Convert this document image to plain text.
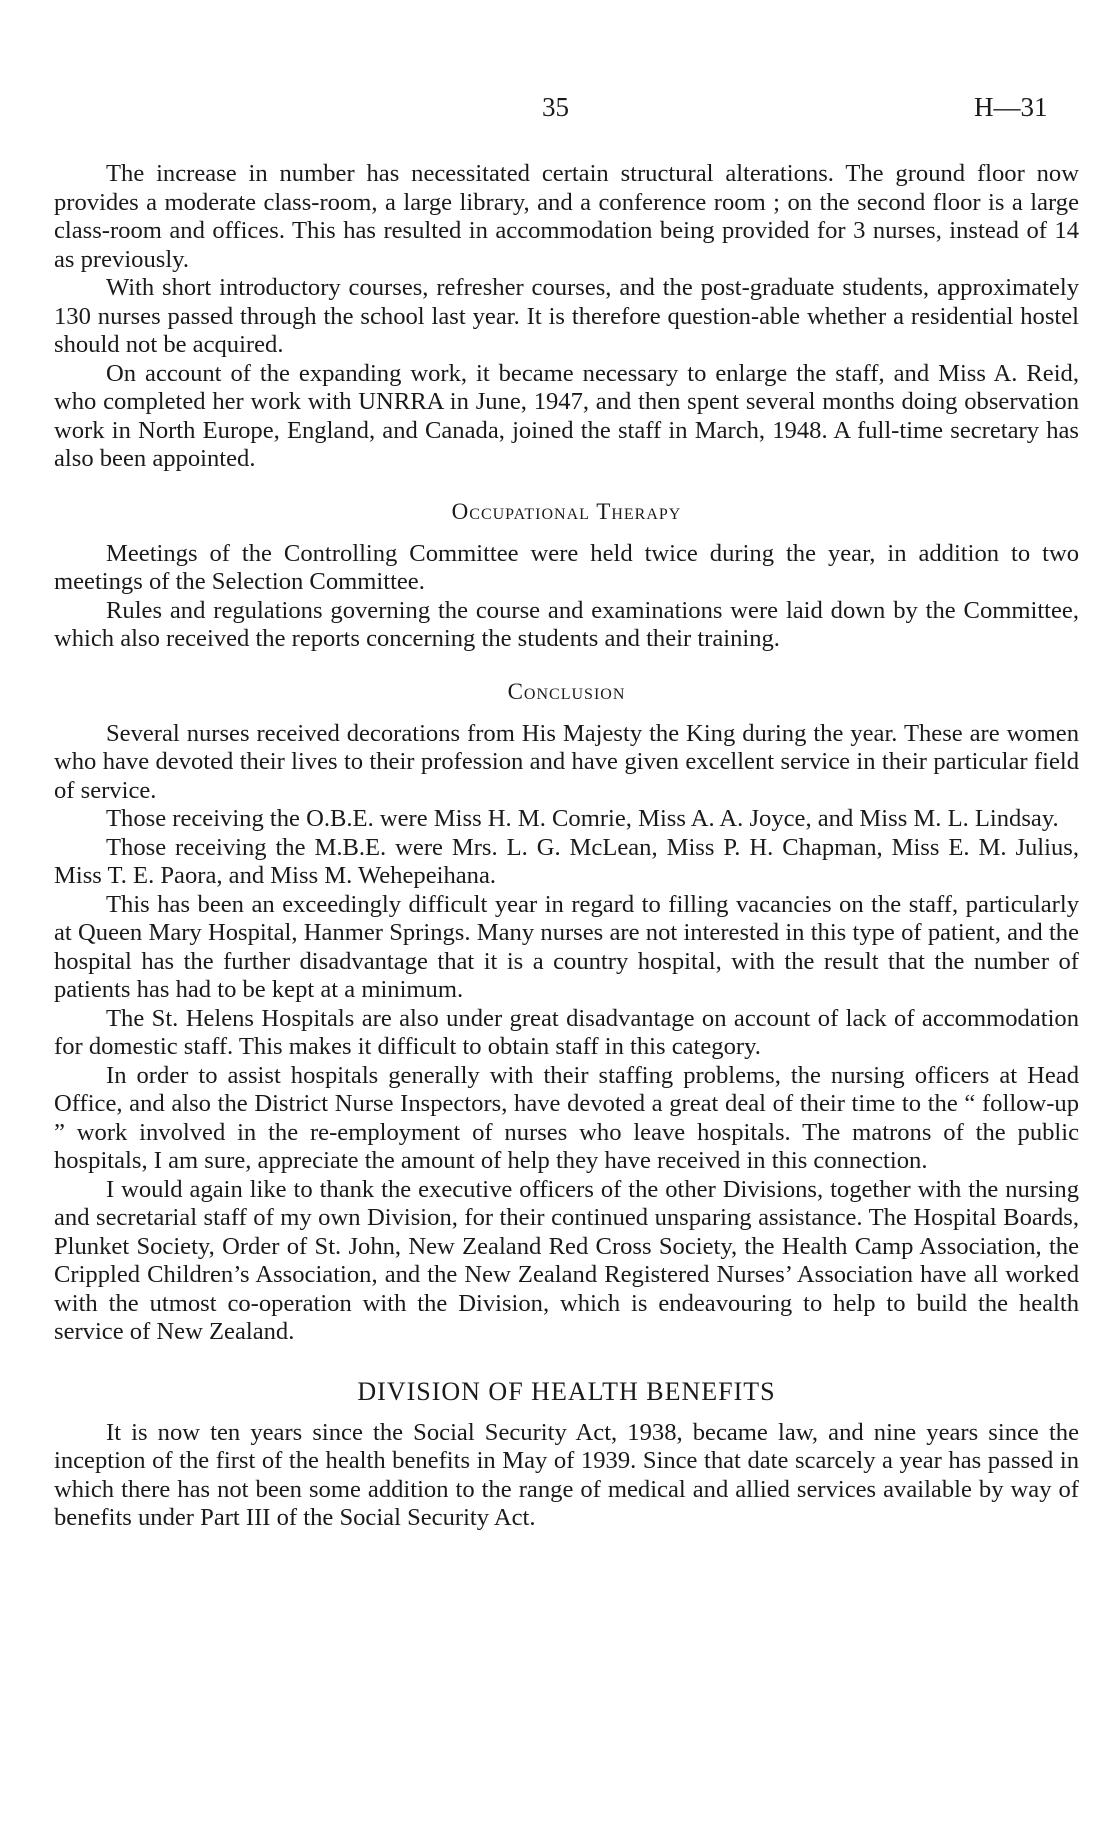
35	H—31

The increase in number has necessitated certain structural alterations. The ground floor now provides a moderate class-room, a large library, and a conference room ; on the second floor is a large class-room and offices. This has resulted in accommodation being provided for 3 nurses, instead of 14 as previously.

With short introductory courses, refresher courses, and the post-graduate students, approximately 130 nurses passed through the school last year. It is therefore question-able whether a residential hostel should not be acquired.

On account of the expanding work, it became necessary to enlarge the staff, and Miss A. Reid, who completed her work with UNRRA in June, 1947, and then spent several months doing observation work in North Europe, England, and Canada, joined the staff in March, 1948. A full-time secretary has also been appointed.

Occupational Therapy

Meetings of the Controlling Committee were held twice during the year, in addition to two meetings of the Selection Committee.

Rules and regulations governing the course and examinations were laid down by the Committee, which also received the reports concerning the students and their training.

Conclusion

Several nurses received decorations from His Majesty the King during the year. These are women who have devoted their lives to their profession and have given excellent service in their particular field of service.

Those receiving the O.B.E. were Miss H. M. Comrie, Miss A. A. Joyce, and Miss M. L. Lindsay.

Those receiving the M.B.E. were Mrs. L. G. McLean, Miss P. H. Chapman, Miss E. M. Julius, Miss T. E. Paora, and Miss M. Wehepeihana.

This has been an exceedingly difficult year in regard to filling vacancies on the staff, particularly at Queen Mary Hospital, Hanmer Springs. Many nurses are not interested in this type of patient, and the hospital has the further disadvantage that it is a country hospital, with the result that the number of patients has had to be kept at a minimum.

The St. Helens Hospitals are also under great disadvantage on account of lack of accommodation for domestic staff. This makes it difficult to obtain staff in this category.

In order to assist hospitals generally with their staffing problems, the nursing officers at Head Office, and also the District Nurse Inspectors, have devoted a great deal of their time to the “ follow-up ” work involved in the re-employment of nurses who leave hospitals. The matrons of the public hospitals, I am sure, appreciate the amount of help they have received in this connection.

I would again like to thank the executive officers of the other Divisions, together with the nursing and secretarial staff of my own Division, for their continued unsparing assistance. The Hospital Boards, Plunket Society, Order of St. John, New Zealand Red Cross Society, the Health Camp Association, the Crippled Children’s Association, and the New Zealand Registered Nurses’ Association have all worked with the utmost co-operation with the Division, which is endeavouring to help to build the health service of New Zealand.

DIVISION OF HEALTH BENEFITS

It is now ten years since the Social Security Act, 1938, became law, and nine years since the inception of the first of the health benefits in May of 1939. Since that date scarcely a year has passed in which there has not been some addition to the range of medical and allied services available by way of benefits under Part III of the Social Security Act.
